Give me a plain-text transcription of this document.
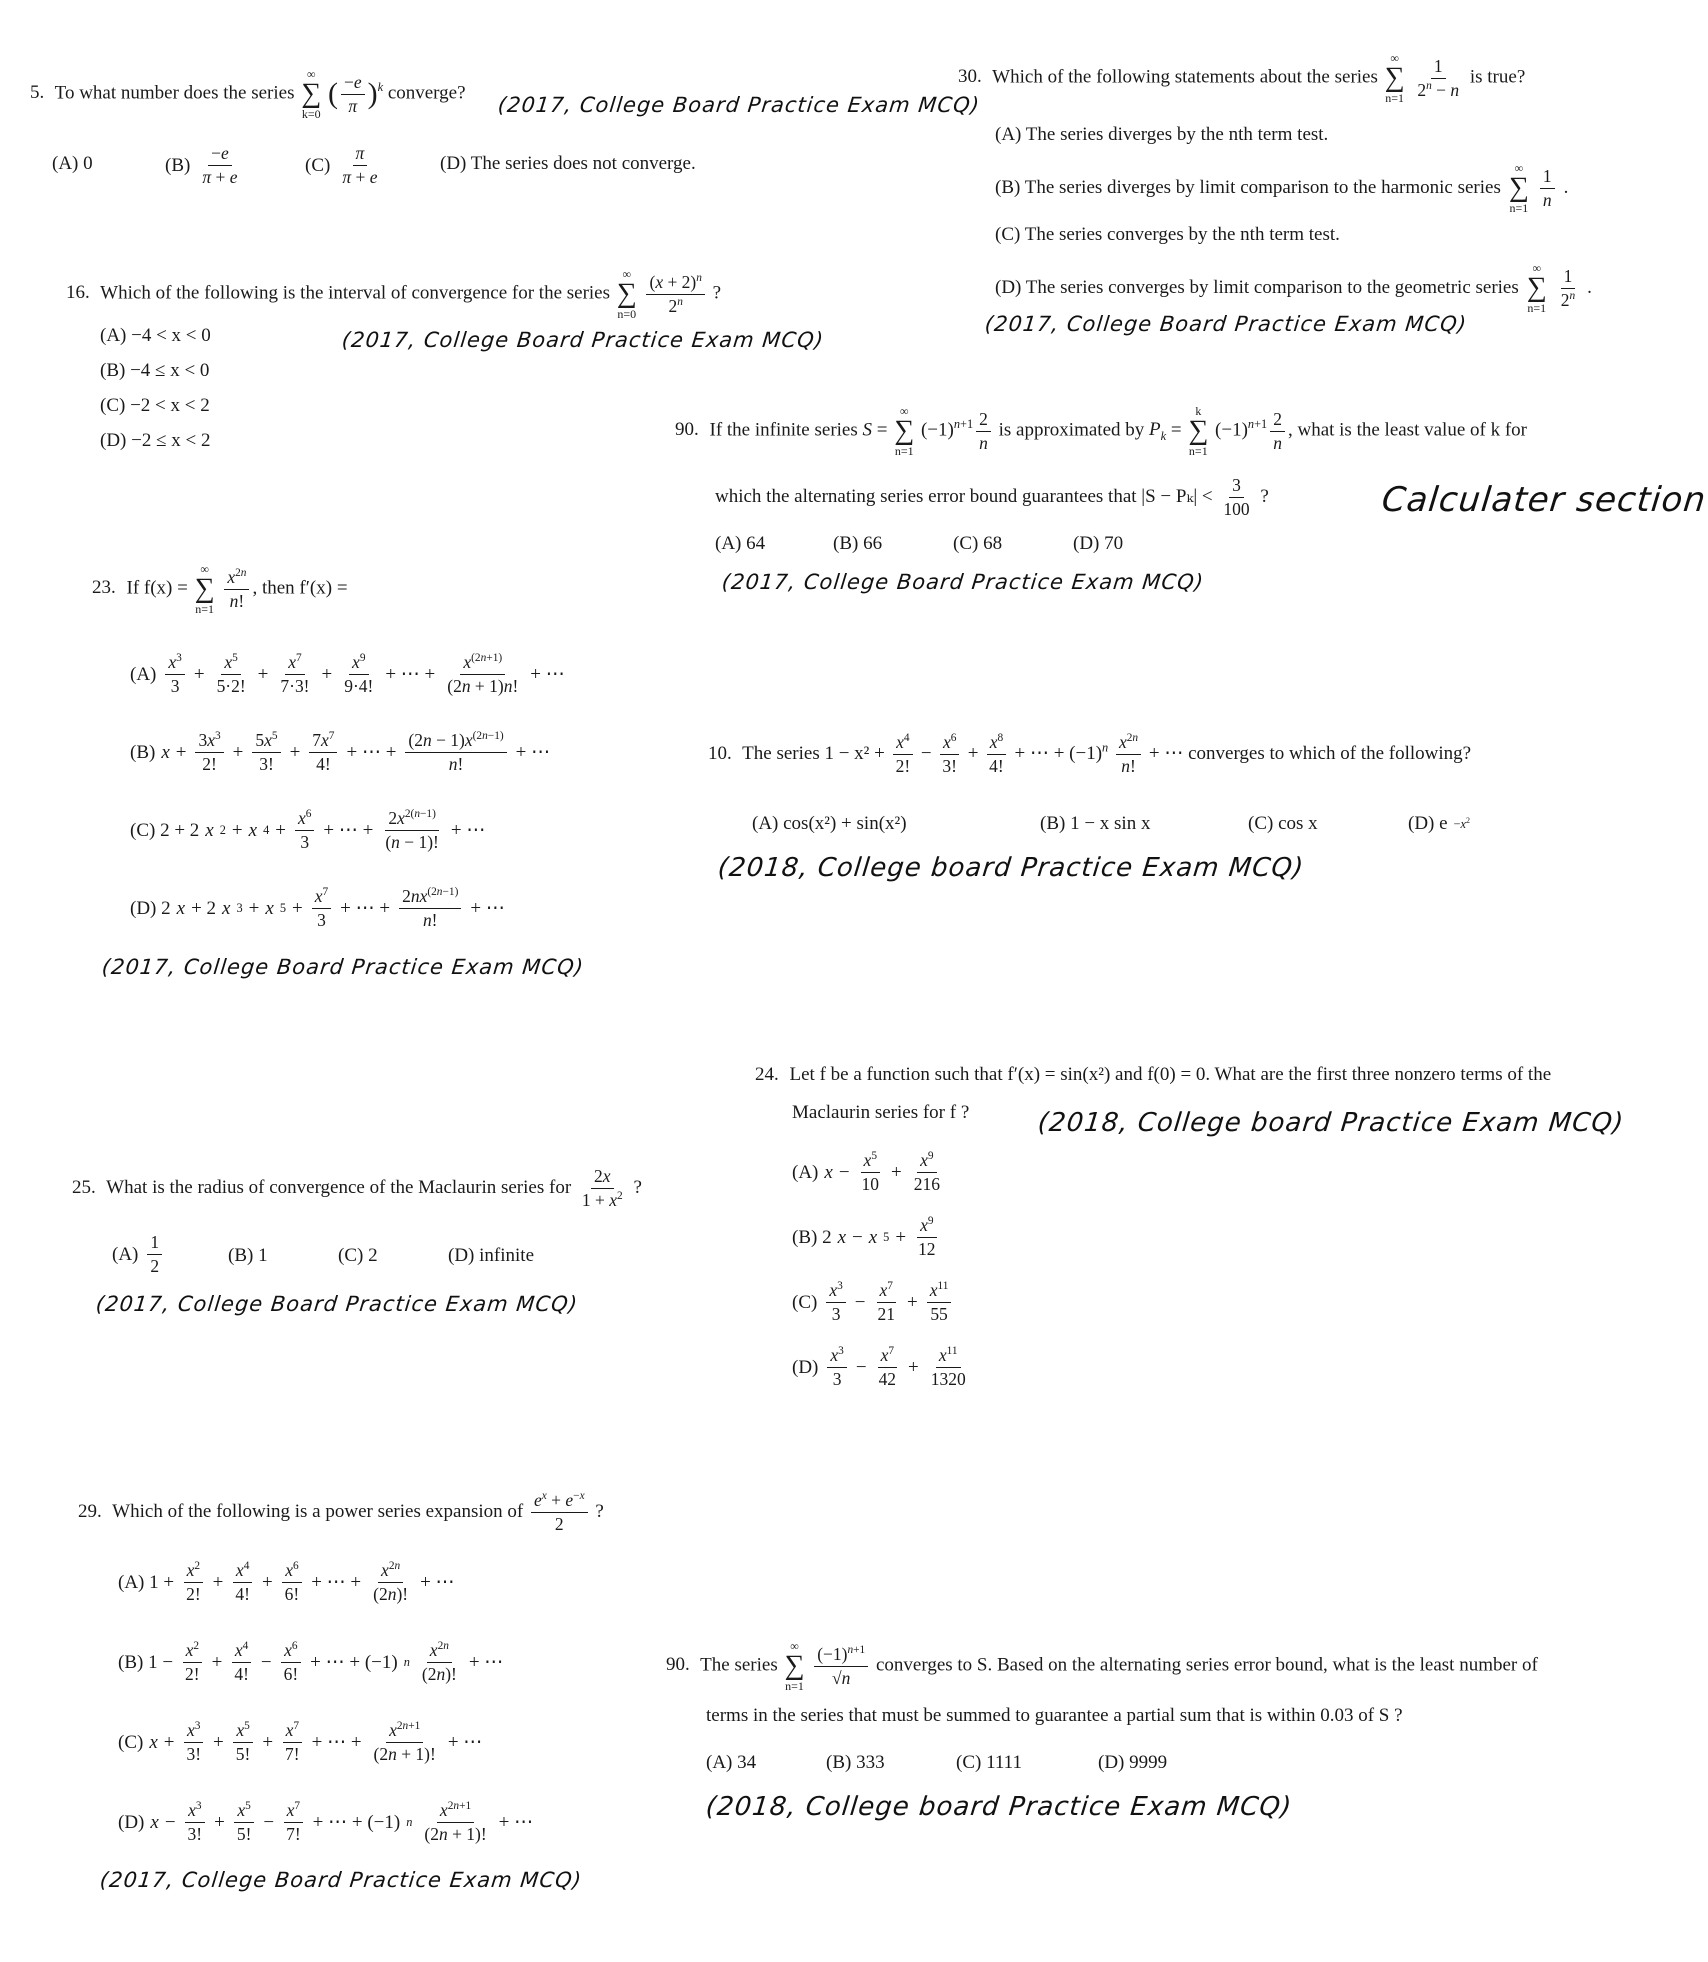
5. To what number does the series
∞
∑
k=0
( $\frac{-e}{\pi} )^k$ converge?
(2017, College Board Practice Exam MCQ)
(A) 0	$(B) \frac{-e}{\pi + e}$	$(C) \frac{\pi}{\pi + e}$	(D) The series does not converge.
30. Which of the following statements about the series
∞
∑
n=1
$\frac{1}{2^n - n}$ is true?
(A) The series diverges by the nth term test.
(B) The series diverges by limit comparison to the harmonic series
∞
∑
$n=1 \frac{1}{n}$ .
(C) The series converges by the nth term test.
(D) The series converges by limit comparison to the geometric series
∞
∑
$n=1 \frac{1}{2^n}$ .
(2017, College Board Practice Exam MCQ)
16. Which of the following is the interval of convergence for the series
∞
∑
n=0
$\frac{(x + 2)^n}{2^n}$ ?
(A) −4 < x < 0
(B) −4 ≤ x < 0
(C) −2 < x < 2
(D) −2 ≤ x < 2
(2017, College Board Practice Exam MCQ)
90. If the infinite series S =
∞
∑
n=1
$(-1)^{n+1} \frac{2}{n}$ is approximated by $P_k$ =
k
∑
n=1
$(-1)^{n+1} \frac{2}{n}$ , what is the least value of k for
which the alternating series error bound guarantees that $|S - P_k| < \frac{3}{100}$ ?	Calculater section
(A) 64	(B) 66	(C) 68	(D) 70
(2017, College Board Practice Exam MCQ)
23. If f(x) =
∞
∑
n=1
$\frac{x^{2n}}{n!}$ , then f′(x) =
$(A) \frac{x^3}{3} + \frac{x^5}{5\cdot 2!} + \frac{x^7}{7\cdot 3!} + \frac{x^9}{9\cdot 4!}$ + ⋯ + $\frac{x^{(2n+1)}}{(2n + 1)n!}$ + ⋯
(B) $x + \frac{3x^3}{2!} + \frac{5x^5}{3!} + \frac{7x^7}{4!}$ + ⋯ + $\frac{(2n - 1)x^{(2n-1)}}{n!}$ + ⋯
(C) 2 + 2 x 2 + x $4 + \frac{x^6}{3}$ + ⋯ + $\frac{2x^{2(n-1)}}{(n - 1)!}$ + ⋯
(D) 2 x + 2 x 3 + x $5 + \frac{x^7}{3}$ + ⋯ + $\frac{2nx^{(2n-1)}}{n!}$ + ⋯
(2017, College Board Practice Exam MCQ)
10. The series $1 - x^2 + \frac{x^4}{2!} - \frac{x^6}{3!} + \frac{x^8}{4!}$ + ⋯ + $(-1)^n \frac{x^{2n}}{n!}$ + ⋯ converges to which of the following?
(A) cos(x²) + sin(x²)	(B) 1 − x sin x	(C) cos x	(D) $e -x^2$
(2018, College board Practice Exam MCQ)
24. Let f be a function such that f′(x) = sin(x²) and f(0) = 0. What are the first three nonzero terms of the
Maclaurin series for f ?	(2018, College board Practice Exam MCQ)
(A) $x - \frac{x^5}{10} + \frac{x^9}{216}$
(B) 2 x − x $5 + \frac{x^9}{12}$
$(C) \frac{x^3}{3} - \frac{x^7}{21} + \frac{x^{11}}{55}$
$(D) \frac{x^3}{3} - \frac{x^7}{42} + \frac{x^{11}}{1320}$
25. What is the radius of convergence of the Maclaurin series for $\frac{2x}{1 + x^2}$ ?
$(A) \frac{1}{2}$	(B) 1	(C) 2	(D) infinite
(2017, College Board Practice Exam MCQ)
29. Which of the following is a power series expansion of $\frac{e^x + e^{-x}}{2}$ ?
(A) $1 + \frac{x^2}{2!} + \frac{x^4}{4!} + \frac{x^6}{6!}$ + ⋯ + $\frac{x^{2n}}{(2n)!}$ + ⋯
(B) $1 - \frac{x^2}{2!} + \frac{x^4}{4!} - \frac{x^6}{6!}$ + ⋯ + (−1) n $\frac{x^{2n}}{(2n)!}$ + ⋯
(C) $x + \frac{x^3}{3!} + \frac{x^5}{5!} + \frac{x^7}{7!}$ + ⋯ + $\frac{x^{2n+1}}{(2n + 1)!}$ + ⋯
(D) $x - \frac{x^3}{3!} + \frac{x^5}{5!} - \frac{x^7}{7!}$ + ⋯ + (−1) n $\frac{x^{2n+1}}{(2n + 1)!}$ + ⋯
(2017, College Board Practice Exam MCQ)
90. The series
∞
∑
n=1
$\frac{(-1)^{n+1}}{√n}$ converges to S. Based on the alternating series error bound, what is the least number of
terms in the series that must be summed to guarantee a partial sum that is within 0.03 of S ?
(A) 34	(B) 333	(C) 1111	(D) 9999
(2018, College board Practice Exam MCQ)
